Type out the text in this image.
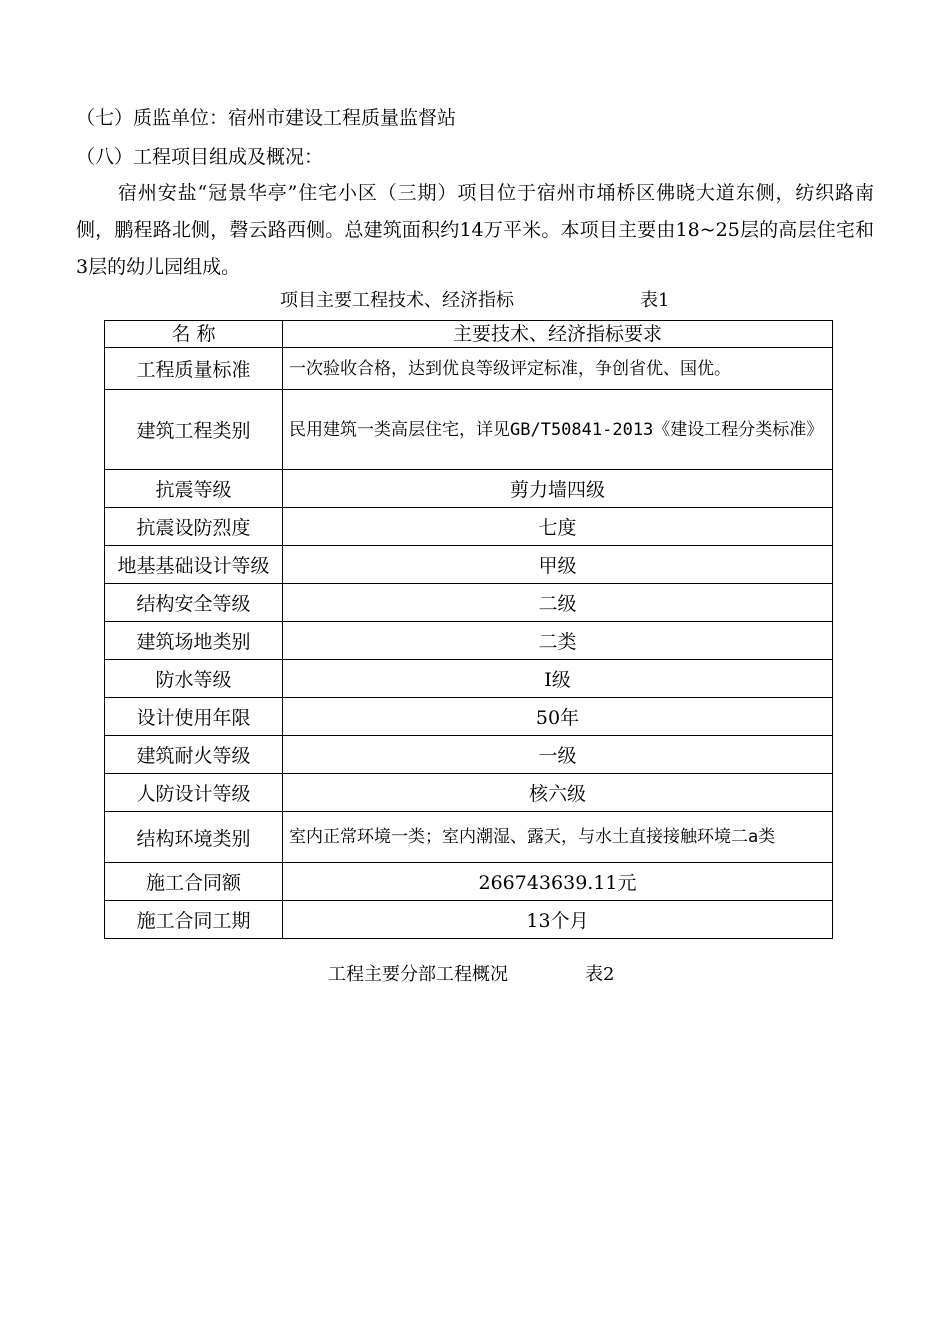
（七）质监单位：宿州市建设工程质量监督站
（八）工程项目组成及概况：
宿州安盐“冠景华亭”住宅小区（三期）项目位于宿州市埇桥区佛晓大道东侧，纺织路南侧，鹏程路北侧，磬云路西侧。总建筑面积约14万平米。本项目主要由18~25层的高层住宅和3层的幼儿园组成。
项目主要工程技术、经济指标	表1
名 称	主要技术、经济指标要求
工程质量标准	一次验收合格，达到优良等级评定标准，争创省优、国优。
建筑工程类别	民用建筑一类高层住宅，详见GB/T50841-2013《建设工程分类标准》
抗震等级	剪力墙四级
抗震设防烈度	七度
地基基础设计等级	甲级
结构安全等级	二级
建筑场地类别	二类
防水等级	Ⅰ级
设计使用年限	50年
建筑耐火等级	一级
人防设计等级	核六级
结构环境类别	室内正常环境一类；室内潮湿、露天，与水土直接接触环境二a类
施工合同额	266743639.11元
施工合同工期	13个月
工程主要分部工程概况	表2
